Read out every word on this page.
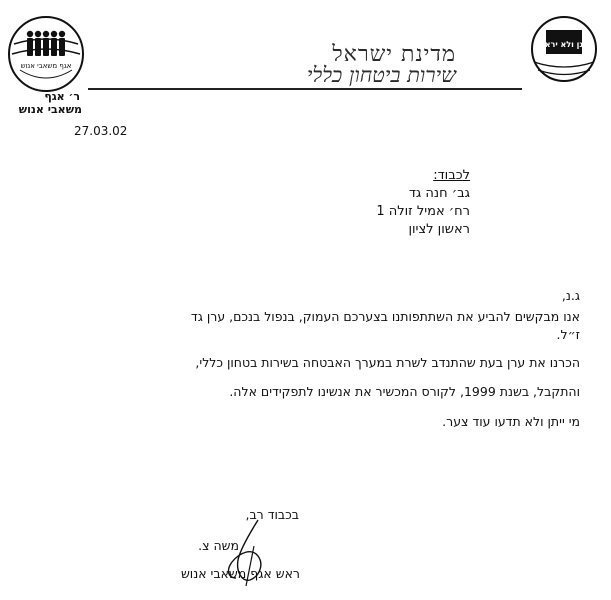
אגף משאבי אנוש
מגן ולא יראה
מדינת ישראל
שירות ביטחון כללי
ר׳ אגף
משאבי אנוש
27.03.02
לכבוד:
גב׳ חנה גד
רח׳ אמיל זולה 1
ראשון לציון
ג.נ,
אנו מבקשים להביע את השתתפותנו בצערכם העמוק, בנפול בנכם, ערן גד
ז״ל.
הכרנו את ערן בעת שהתנדב לשרת במערך האבטחה בשירות בטחון כללי,
והתקבל, בשנת 1999, לקורס המכשיר את אנשינו לתפקידים אלה.
מי ייתן ולא תדעו עוד צער.
בכבוד רב,
משה צ.
ראש אגף משאבי אנוש
